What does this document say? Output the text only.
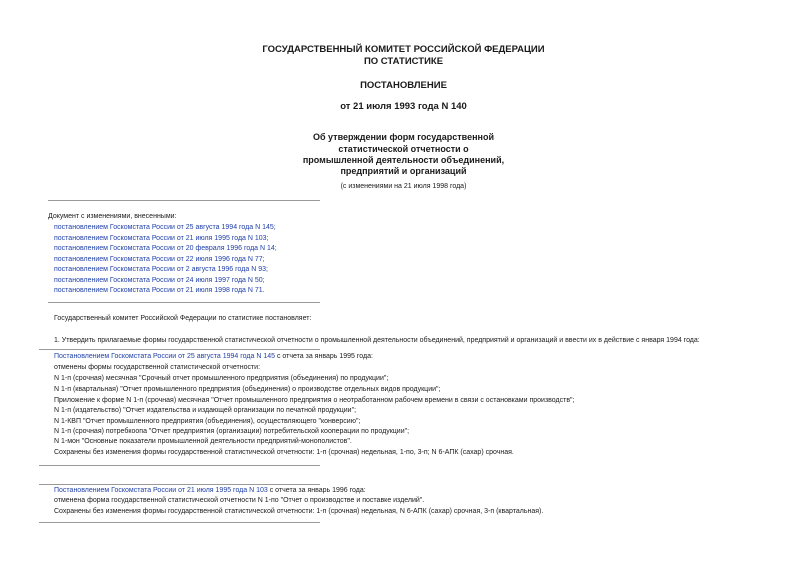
ГОСУДАРСТВЕННЫЙ КОМИТЕТ РОССИЙСКОЙ ФЕДЕРАЦИИ
ПО СТАТИСТИКЕ
ПОСТАНОВЛЕНИЕ
от 21 июля 1993 года N 140
Об утверждении форм государственной
статистической отчетности о
промышленной деятельности объединений,
предприятий и организаций
(с изменениями на 21 июля 1998 года)
Документ с изменениями, внесенными:
постановлением Госкомстата России от 25 августа 1994 года N 145;
постановлением Госкомстата России от 21 июля 1995 года N 103;
постановлением Госкомстата России от 20 февраля 1996 года N 14;
постановлением Госкомстата России от 22 июля 1996 года N 77;
постановлением Госкомстата России от 2 августа 1996 года N 93;
постановлением Госкомстата России от 24 июля 1997 года N 50;
постановлением Госкомстата России от 21 июля 1998 года N 71.
Государственный комитет Российской Федерации по статистике постановляет:
1. Утвердить прилагаемые формы государственной статистической отчетности о промышленной деятельности объединений, предприятий и организаций и ввести их в действие с января 1994 года:
Постановлением Госкомстата России от 25 августа 1994 года N 145 с отчета за январь 1995 года:
отменены формы государственной статистической отчетности:
N 1-п (срочная) месячная "Срочный отчет промышленного предприятия (объединения) по продукции";
N 1-п (квартальная) "Отчет промышленного предприятия (объединения) о производстве отдельных видов продукции";
Приложение к форме N 1-п (срочная) месячная "Отчет промышленного предприятия о неотработанном рабочем времени в связи с остановками производств";
N 1-п (издательство) "Отчет издательства и издающей организации по печатной продукции";
N 1-КВП "Отчет промышленного предприятия (объединения), осуществляющего "конверсию";
N 1-п (срочная) потребкоопа "Отчет предприятия (организации) потребительской кооперации по продукции";
N 1-мон "Основные показатели промышленной деятельности предприятий-монополистов".
Сохранены без изменения формы государственной статистической отчетности: 1-п (срочная) недельная, 1-по, 3-п; N 6-АПК (сахар) срочная.
Постановлением Госкомстата России от 21 июля 1995 года N 103 с отчета за январь 1996 года:
отменена форма государственной статистической отчетности N 1-по "Отчет о производстве и поставке изделий".
Сохранены без изменения формы государственной статистической отчетности: 1-п (срочная) недельная, N 6-АПК (сахар) срочная, 3-п (квартальная).
